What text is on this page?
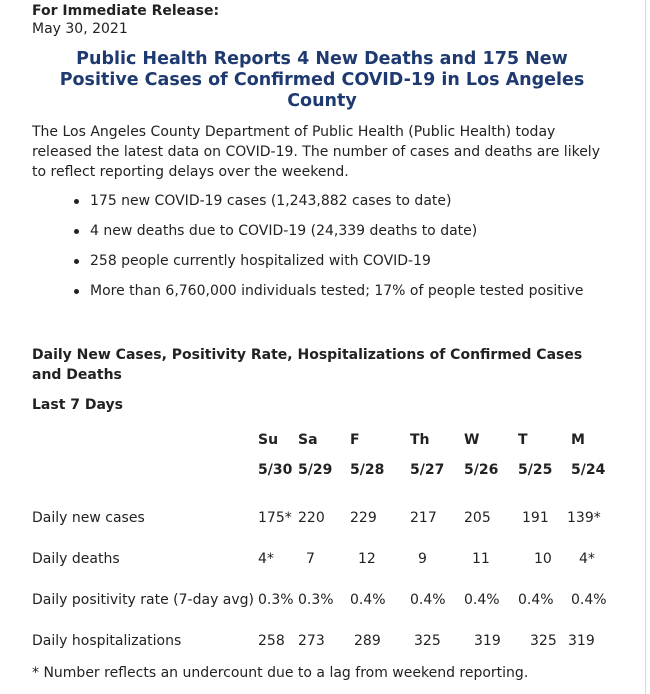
For Immediate Release:
May 30, 2021
Public Health Reports 4 New Deaths and 175 New Positive Cases of Confirmed COVID-19 in Los Angeles County
The Los Angeles County Department of Public Health (Public Health) today released the latest data on COVID-19. The number of cases and deaths are likely to reflect reporting delays over the weekend.
175 new COVID-19 cases (1,243,882 cases to date)
4 new deaths due to COVID-19 (24,339 deaths to date)
258 people currently hospitalized with COVID-19
More than 6,760,000 individuals tested; 17% of people tested positive
Daily New Cases, Positivity Rate, Hospitalizations of Confirmed Cases and Deaths
Last 7 Days
Su Sa F	Th W	T	M
5/30 5/29 5/28 5/27 5/26 5/25 5/24
Daily new cases	175* 220 229 217 205 191 139*
Daily deaths	4* 7	12	9	11	10 4*
Daily positivity rate (7-day avg) 0.3% 0.3% 0.4% 0.4% 0.4% 0.4% 0.4%
Daily hospitalizations	258 273 289 325 319 325 319
* Number reflects an undercount due to a lag from weekend reporting.
